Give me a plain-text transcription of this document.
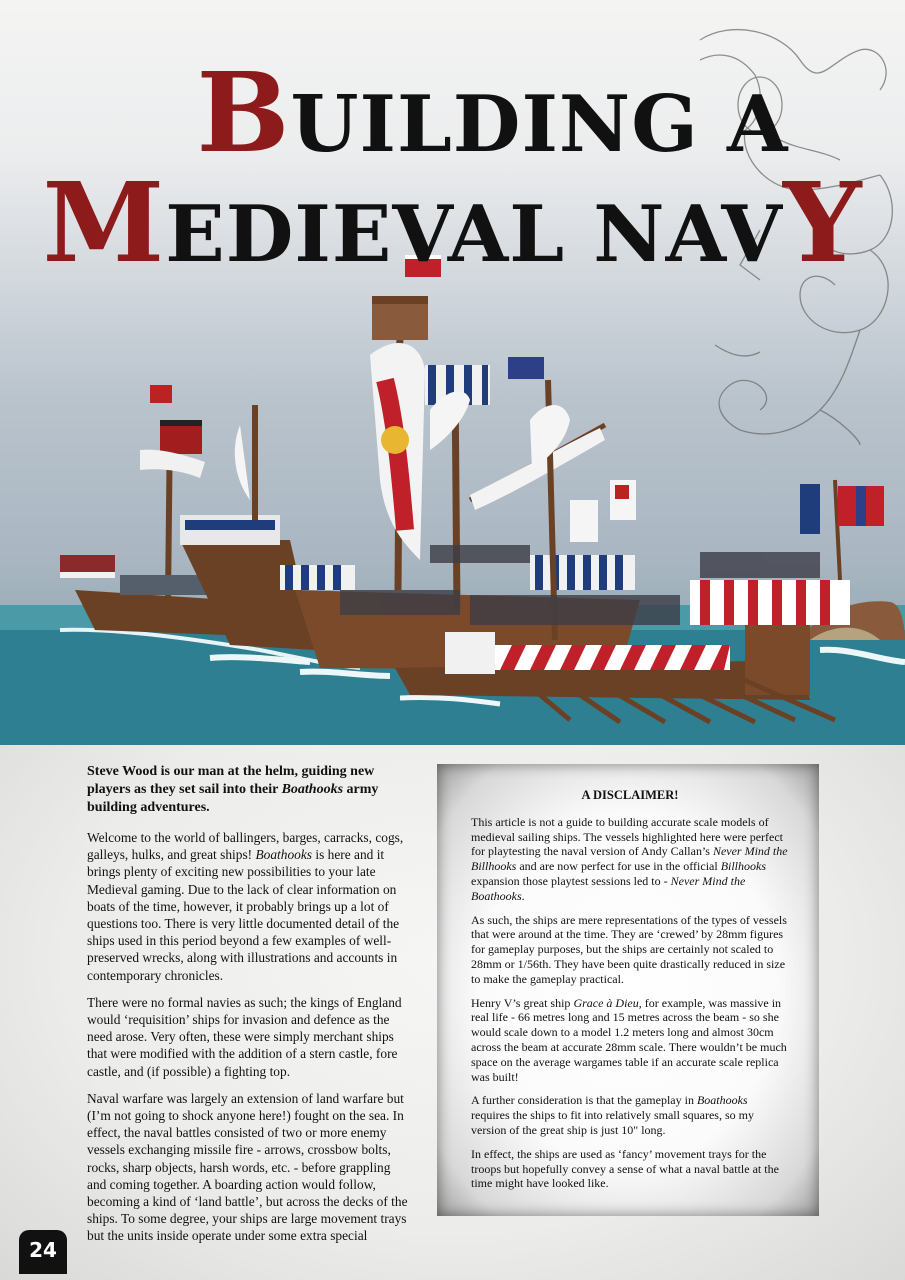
BUILDING A
MEDIEVAL NAVY

Steve Wood is our man at the helm, guiding new players as they set sail into their Boathooks army building adventures.

Welcome to the world of ballingers, barges, carracks, cogs, galleys, hulks, and great ships! Boathooks is here and it brings plenty of exciting new possibilities to your late Medieval gaming. Due to the lack of clear information on boats of the time, however, it probably brings up a lot of questions too. There is very little documented detail of the ships used in this period beyond a few examples of well-preserved wrecks, along with illustrations and accounts in contemporary chronicles.

There were no formal navies as such; the kings of England would ‘requisition’ ships for invasion and defence as the need arose. Very often, these were simply merchant ships that were modified with the addition of a stern castle, fore castle, and (if possible) a fighting top.

Naval warfare was largely an extension of land warfare but (I’m not going to shock anyone here!) fought on the sea. In effect, the naval battles consisted of two or more enemy vessels exchanging missile fire - arrows, crossbow bolts, rocks, sharp objects, harsh words, etc. - before grappling and coming together. A boarding action would follow, becoming a kind of ‘land battle’, but across the decks of the ships. To some degree, your ships are large movement trays but the units inside operate under some extra special

A DISCLAIMER!

This article is not a guide to building accurate scale models of medieval sailing ships. The vessels highlighted here were perfect for playtesting the naval version of Andy Callan’s Never Mind the Billhooks and are now perfect for use in the official Billhooks expansion those playtest sessions led to - Never Mind the Boathooks.

As such, the ships are mere representations of the types of vessels that were around at the time. They are ‘crewed’ by 28mm figures for gameplay purposes, but the ships are certainly not scaled to 28mm or 1/56th. They have been quite drastically reduced in size to make the gameplay practical.

Henry V’s great ship Grace à Dieu, for example, was massive in real life - 66 metres long and 15 metres across the beam - so she would scale down to a model 1.2 meters long and almost 30cm across the beam at accurate 28mm scale. There wouldn’t be much space on the average wargames table if an accurate scale replica was built!

A further consideration is that the gameplay in Boathooks requires the ships to fit into relatively small squares, so my version of the great ship is just 10" long.

In effect, the ships are used as ‘fancy’ movement trays for the troops but hopefully convey a sense of what a naval battle at the time might have looked like.

24
